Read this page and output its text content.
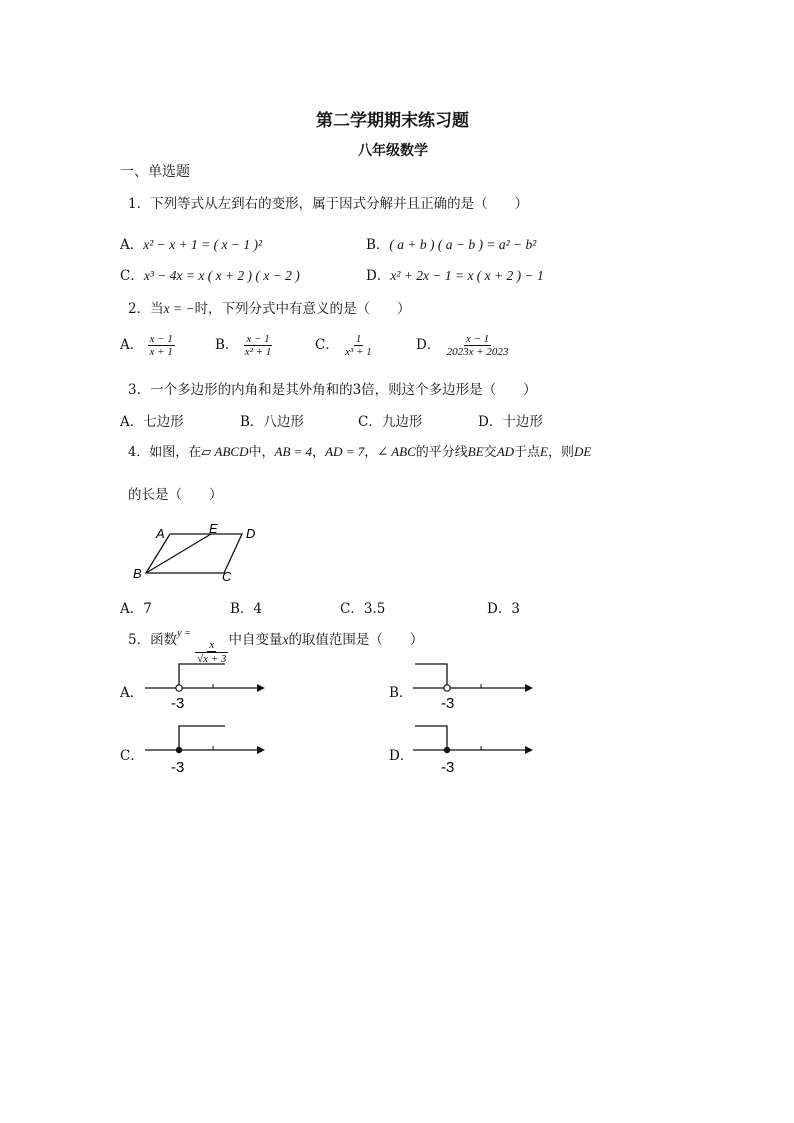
第二学期期末练习题
八年级数学
一、单选题
1．下列等式从左到右的变形，属于因式分解并且正确的是（　　）
A．x² − x + 1 = ( x − 1 )²	B．( a + b ) ( a − b ) = a² − b²
C．x³ − 4x = x ( x + 2 ) ( x − 2 )	D．x² + 2x − 1 = x ( x + 2 ) − 1
2．当x = −时，下列分式中有意义的是（　　）
A． $\frac{x - 1}{x + 1}$	B． $\frac{x - 1}{\text{x² + 1}}$	C． $\frac{1}{\text{x³ + 1}}$	D． $\frac{x - 1}{2023x + 2023}$
3．一个多边形的内角和是其外角和的3倍，则这个多边形是（　　）
A．七边形	B．八边形	C．九边形	D．十边形
4．如图，在▱ ABCD中，AB = 4，AD = 7，∠ ABC的平分线BE交AD于点E，则DE
的长是（　　）
A	E D
B	C
A．7	B．4	C．3.5	D．3
5．函数$^{y =}$
$\frac{x}{√x + 3}$ 中自变量x的取值范围是（　　）
A．
-3
B．
-3
C．
-3
D．
-3
